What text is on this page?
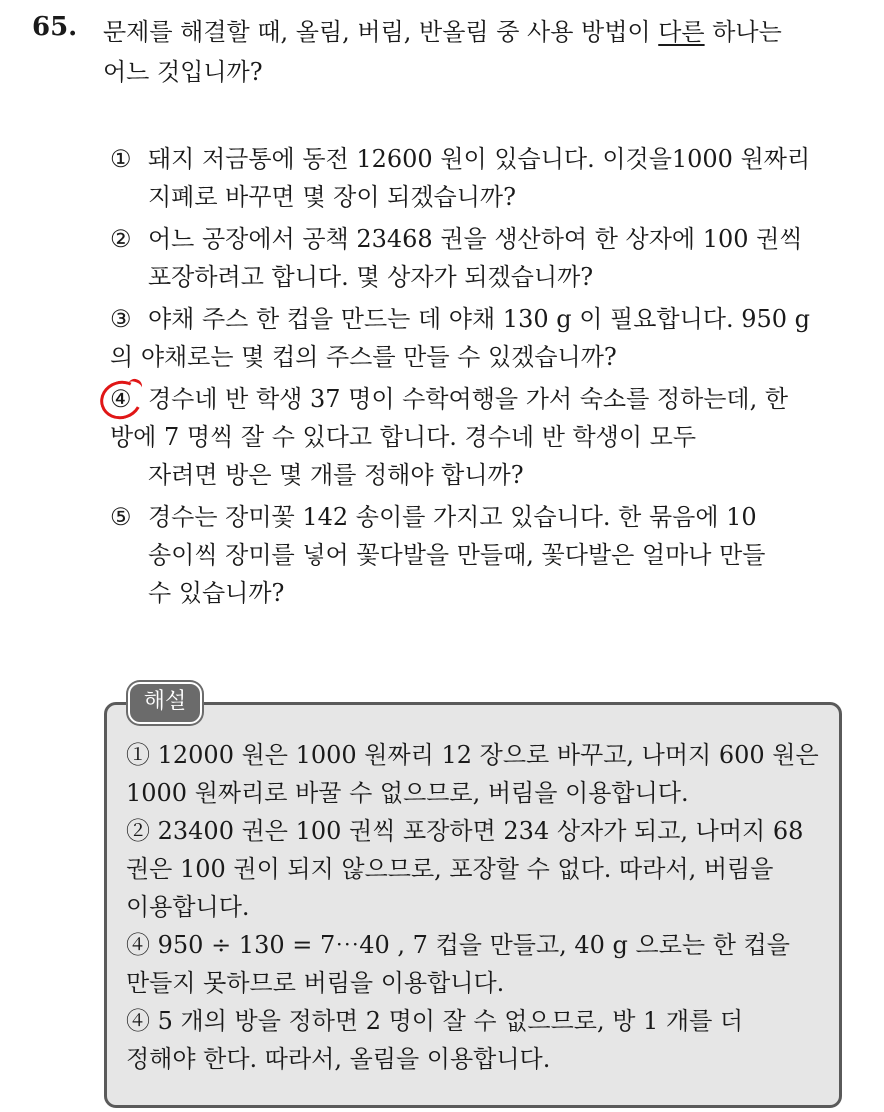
65. 문제를 해결할 때, 올림, 버림, 반올림 중 사용 방법이 다른 하나는
어느 것입니까?
① 돼지 저금통에 동전 12600 원이 있습니다. 이것을1000 원짜리
지폐로 바꾸면 몇 장이 되겠습니까?
② 어느 공장에서 공책 23468 권을 생산하여 한 상자에 100 권씩
포장하려고 합니다. 몇 상자가 되겠습니까?
③ 야채 주스 한 컵을 만드는 데 야채 130 g 이 필요합니다. 950 g
의 야채로는 몇 컵의 주스를 만들 수 있겠습니까?
④ 경수네 반 학생 37 명이 수학여행을 가서 숙소를 정하는데, 한
방에 7 명씩 잘 수 있다고 합니다. 경수네 반 학생이 모두
자려면 방은 몇 개를 정해야 합니까?
⑤ 경수는 장미꽃 142 송이를 가지고 있습니다. 한 묶음에 10
송이씩 장미를 넣어 꽃다발을 만들때, 꽃다발은 얼마나 만들
수 있습니까?
해설
① 12000 원은 1000 원짜리 12 장으로 바꾸고, 나머지 600 원은
1000 원짜리로 바꿀 수 없으므로, 버림을 이용합니다.
② 23400 권은 100 권씩 포장하면 234 상자가 되고, 나머지 68
권은 100 권이 되지 않으므로, 포장할 수 없다. 따라서, 버림을
이용합니다.
④ 950 ÷ 130 = 7⋯40 , 7 컵을 만들고, 40 g 으로는 한 컵을
만들지 못하므로 버림을 이용합니다.
④ 5 개의 방을 정하면 2 명이 잘 수 없으므로, 방 1 개를 더
정해야 한다. 따라서, 올림을 이용합니다.
